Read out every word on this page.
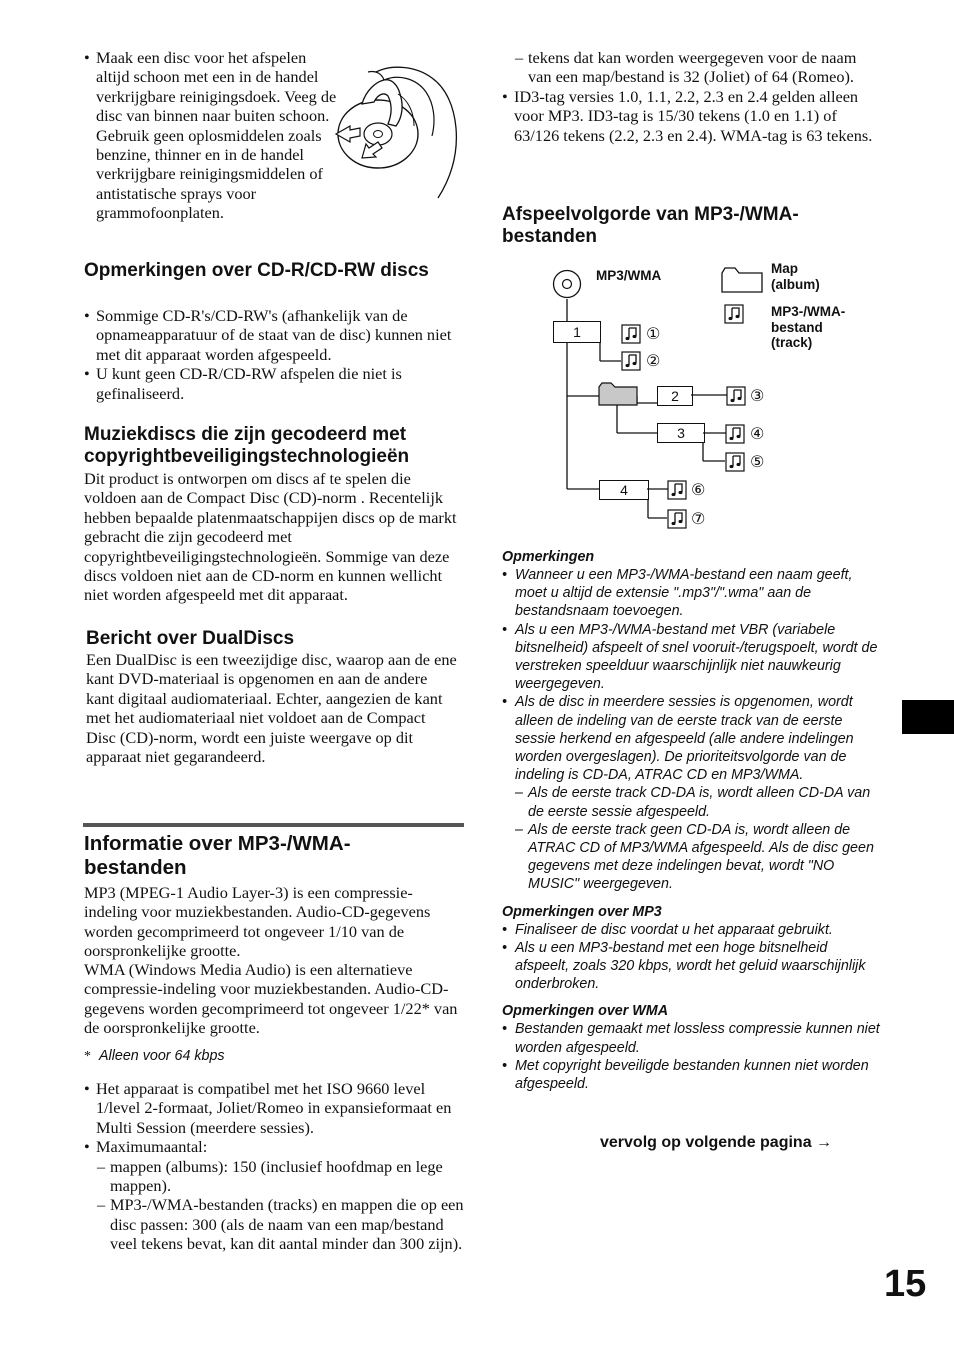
• Maak een disc voor het afspelen altijd schoon met een in de handel verkrijgbare reinigingsdoek. Veeg de disc van binnen naar buiten schoon. Gebruik geen oplosmiddelen zoals benzine, thinner en in de handel verkrijgbare reinigingsmiddelen of antistatische sprays voor grammofoonplaten.
Opmerkingen over CD-R/CD-RW discs
• Sommige CD-R's/CD-RW's (afhankelijk van de opnameapparatuur of de staat van de disc) kunnen niet met dit apparaat worden afgespeeld.
• U kunt geen CD-R/CD-RW afspelen die niet is gefinaliseerd.
Muziekdiscs die zijn gecodeerd met copyrightbeveiligingstechnologieën

Dit product is ontworpen om discs af te spelen die voldoen aan de Compact Disc (CD)-norm . Recentelijk hebben bepaalde platenmaatschappijen discs op de markt gebracht die zijn gecodeerd met copyrightbeveiligingstechnologieën. Sommige van deze discs voldoen niet aan de CD-norm en kunnen wellicht niet worden afgespeeld met dit apparaat.

Bericht over DualDiscs

Een DualDisc is een tweezijdige disc, waarop aan de ene kant DVD-materiaal is opgenomen en aan de andere kant digitaal audiomateriaal. Echter, aangezien de kant met het audiomateriaal niet voldoet aan de Compact Disc (CD)-norm, wordt een juiste weergave op dit apparaat niet gegarandeerd.

Informatie over MP3-/WMA-bestanden

MP3 (MPEG-1 Audio Layer-3) is een compressie-indeling voor muziekbestanden. Audio-CD-gegevens worden gecomprimeerd tot ongeveer 1/10 van de oorspronkelijke grootte.

WMA (Windows Media Audio) is een alternatieve compressie-indeling voor muziekbestanden. Audio-CD-gegevens worden gecomprimeerd tot ongeveer 1/22* van de oorspronkelijke grootte.

* Alleen voor 64 kbps
• Het apparaat is compatibel met het ISO 9660 level 1/level 2-formaat, Joliet/Romeo in expansieformaat en Multi Session (meerdere sessies).
• Maximumaantal:
– mappen (albums): 150 (inclusief hoofdmap en lege mappen).
– MP3-/WMA-bestanden (tracks) en mappen die op een disc passen: 300 (als de naam van een map/bestand veel tekens bevat, kan dit aantal minder dan 300 zijn).
– tekens dat kan worden weergegeven voor de naam van een map/bestand is 32 (Joliet) of 64 (Romeo).
• ID3-tag versies 1.0, 1.1, 2.2, 2.3 en 2.4 gelden alleen voor MP3. ID3-tag is 15/30 tekens (1.0 en 1.1) of 63/126 tekens (2.2, 2.3 en 2.4). WMA-tag is 63 tekens.
Afspeelvolgorde van MP3-/WMA-bestanden
MP3/WMA	Map
(album)
MP3-/WMA-
bestand
(track)
1	①
②
2	③
3	④
⑤
4	⑥
⑦

Opmerkingen

• Wanneer u een MP3-/WMA-bestand een naam geeft, moet u altijd de extensie ".mp3"/".wma" aan de bestandsnaam toevoegen.
• Als u een MP3-/WMA-bestand met VBR (variabele bitsnelheid) afspeelt of snel vooruit-/terugspoelt, wordt de verstreken speelduur waarschijnlijk niet nauwkeurig weergegeven.
• Als de disc in meerdere sessies is opgenomen, wordt alleen de indeling van de eerste track van de eerste sessie herkend en afgespeeld (alle andere indelingen worden overgeslagen). De prioriteitsvolgorde van de indeling is CD-DA, ATRAC CD en MP3/WMA.
– Als de eerste track CD-DA is, wordt alleen CD-DA van de eerste sessie afgespeeld.
– Als de eerste track geen CD-DA is, wordt alleen de ATRAC CD of MP3/WMA afgespeeld. Als de disc geen gegevens met deze indelingen bevat, wordt "NO MUSIC" weergegeven.

Opmerkingen over MP3

• Finaliseer de disc voordat u het apparaat gebruikt.
• Als u een MP3-bestand met een hoge bitsnelheid afspeelt, zoals 320 kbps, wordt het geluid waarschijnlijk onderbroken.

Opmerkingen over WMA

• Bestanden gemaakt met lossless compressie kunnen niet worden afgespeeld.
• Met copyright beveiligde bestanden kunnen niet worden afgespeeld.
vervolg op volgende pagina →
15
